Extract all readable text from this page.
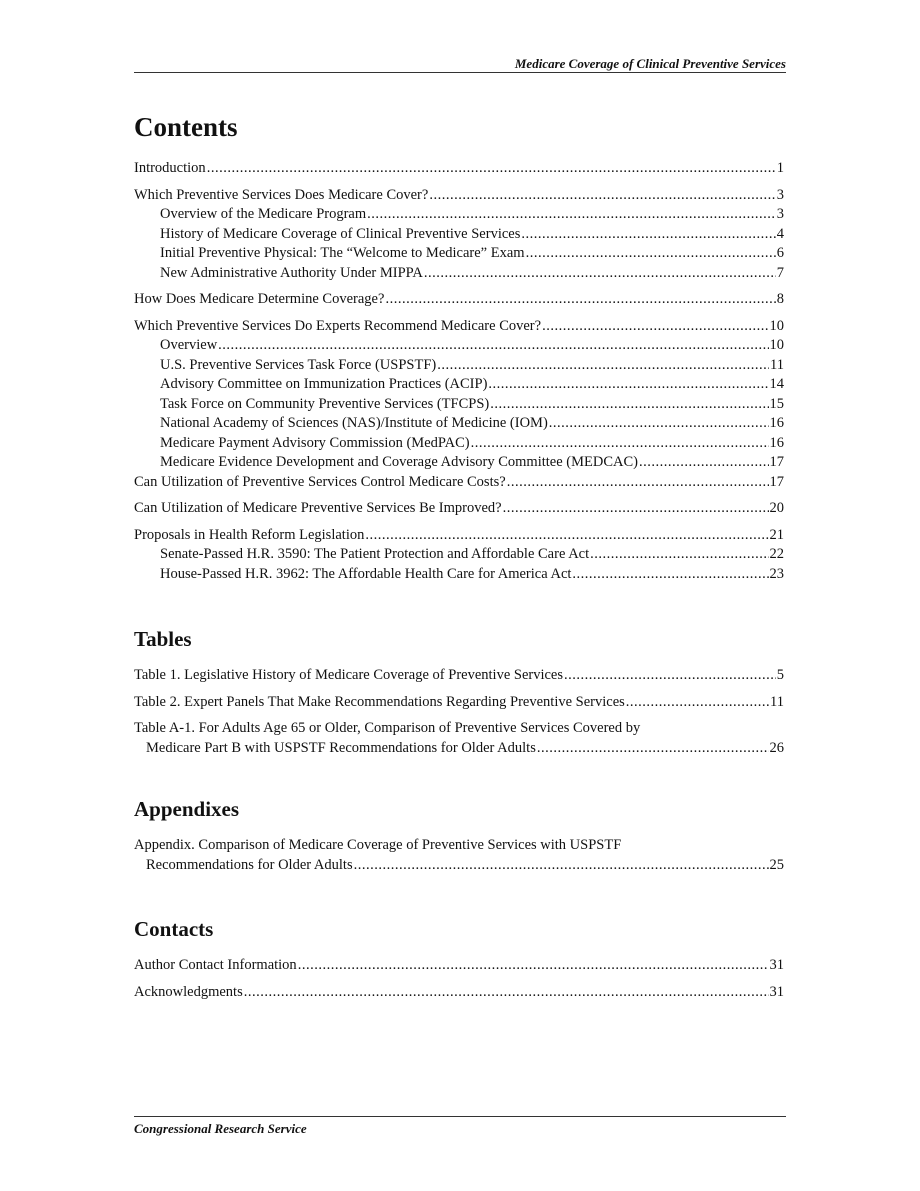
Medicare Coverage of Clinical Preventive Services
Contents
Introduction .....	1
Which Preventive Services Does Medicare Cover? .....	3
Overview of the Medicare Program .....	3
History of Medicare Coverage of Clinical Preventive Services .....	4
Initial Preventive Physical: The “Welcome to Medicare” Exam .....	6
New Administrative Authority Under MIPPA .....	7
How Does Medicare Determine Coverage? .....	8
Which Preventive Services Do Experts Recommend Medicare Cover? .....	10
Overview .....	10
U.S. Preventive Services Task Force (USPSTF) .....	11
Advisory Committee on Immunization Practices (ACIP) .....	14
Task Force on Community Preventive Services (TFCPS) .....	15
National Academy of Sciences (NAS)/Institute of Medicine (IOM) .....	16
Medicare Payment Advisory Commission (MedPAC) .....	16
Medicare Evidence Development and Coverage Advisory Committee (MEDCAC) .....	17
Can Utilization of Preventive Services Control Medicare Costs? .....	17
Can Utilization of Medicare Preventive Services Be Improved? .....	20
Proposals in Health Reform Legislation .....	21
Senate-Passed H.R. 3590: The Patient Protection and Affordable Care Act .....	22
House-Passed H.R. 3962: The Affordable Health Care for America Act .....	23
Tables
Table 1. Legislative History of Medicare Coverage of Preventive Services .....	5
Table 2. Expert Panels That Make Recommendations Regarding Preventive Services .....	11
Table A-1. For Adults Age 65 or Older, Comparison of Preventive Services Covered by
Medicare Part B with USPSTF Recommendations for Older Adults .....	26
Appendixes
Appendix. Comparison of Medicare Coverage of Preventive Services with USPSTF
Recommendations for Older Adults .....	25
Contacts
Author Contact Information .....	31
Acknowledgments .....	31
Congressional Research Service
